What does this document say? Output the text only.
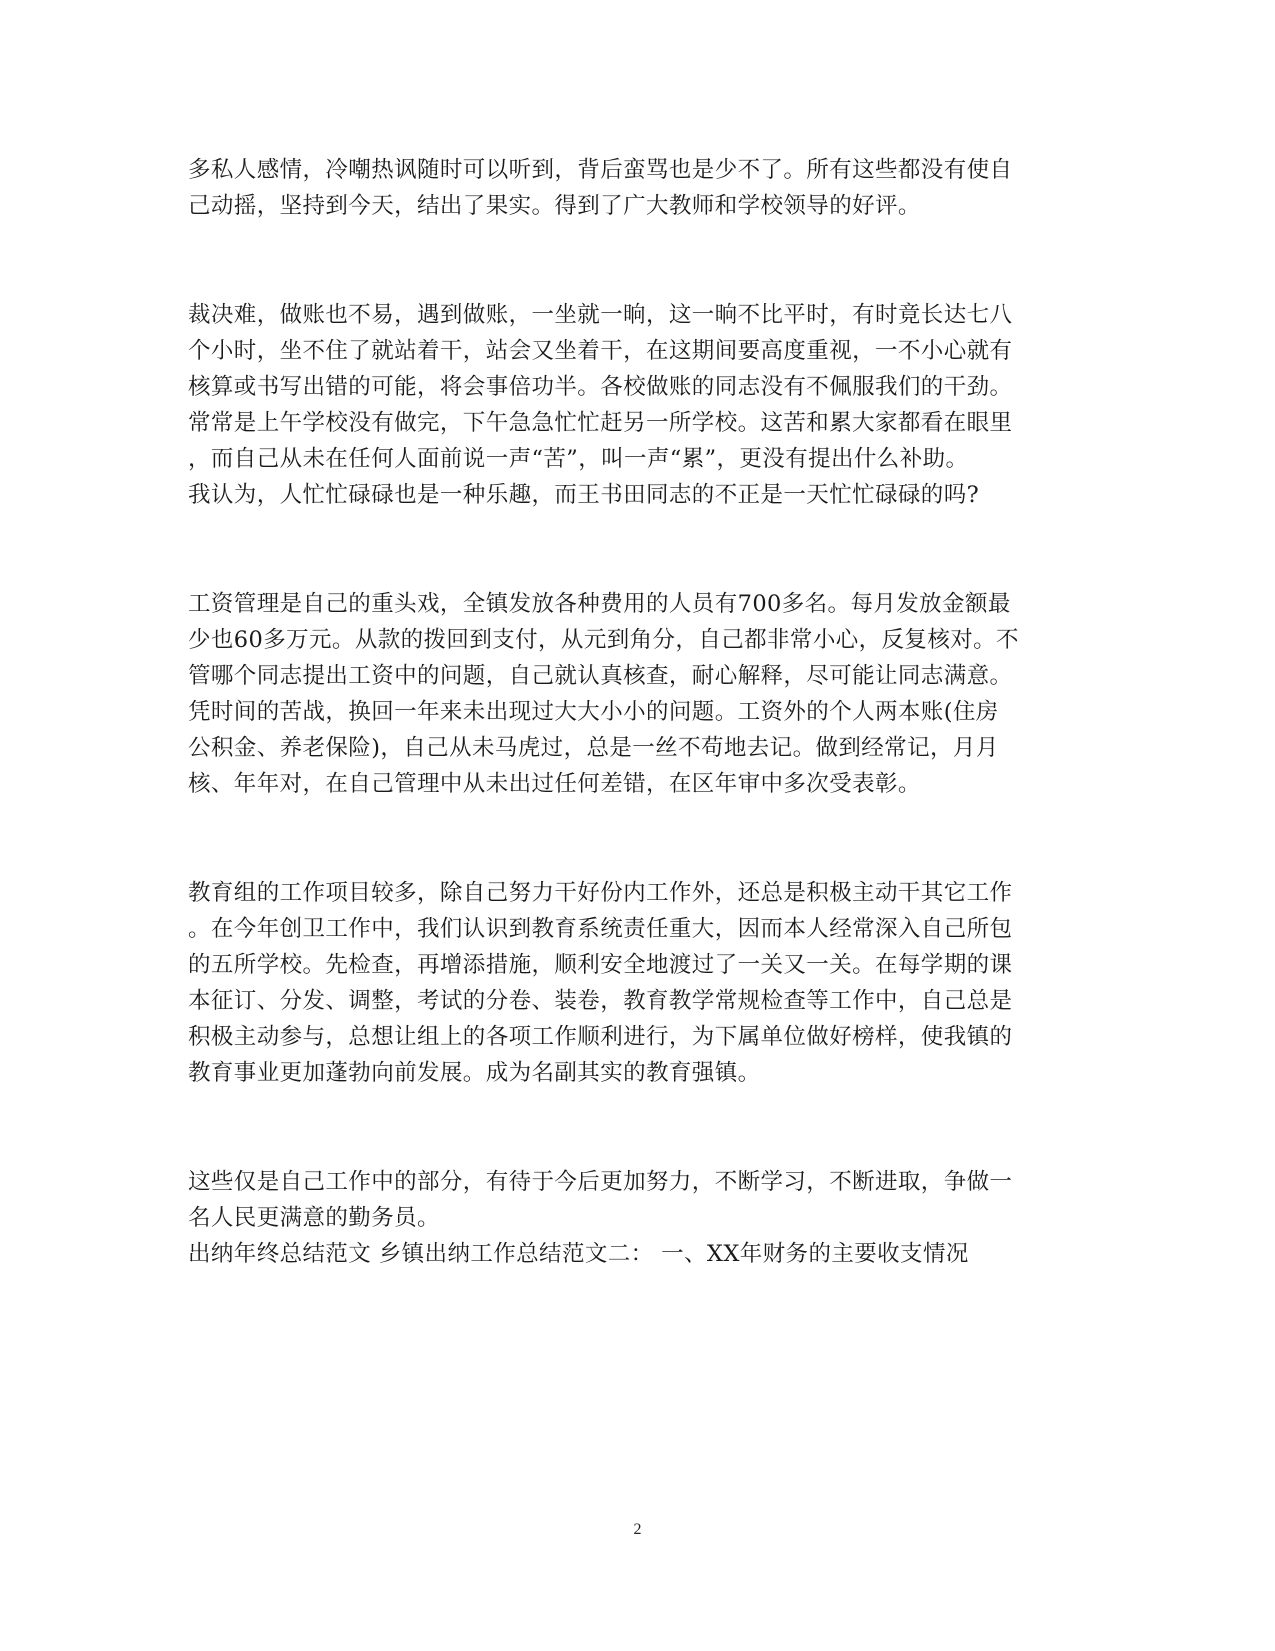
多私人感情，冷嘲热讽随时可以听到，背后蛮骂也是少不了。所有这些都没有使自
己动摇，坚持到今天，结出了果实。得到了广大教师和学校领导的好评。
裁决难，做账也不易，遇到做账，一坐就一晌，这一晌不比平时，有时竟长达七八
个小时，坐不住了就站着干，站会又坐着干，在这期间要高度重视，一不小心就有
核算或书写出错的可能，将会事倍功半。各校做账的同志没有不佩服我们的干劲。
常常是上午学校没有做完，下午急急忙忙赶另一所学校。这苦和累大家都看在眼里
，而自己从未在任何人面前说一声“苦”，叫一声“累”，更没有提出什么补助。
我认为，人忙忙碌碌也是一种乐趣，而王书田同志的不正是一天忙忙碌碌的吗?
工资管理是自己的重头戏，全镇发放各种费用的人员有700多名。每月发放金额最
少也60多万元。从款的拨回到支付，从元到角分，自己都非常小心，反复核对。不
管哪个同志提出工资中的问题，自己就认真核查，耐心解释，尽可能让同志满意。
凭时间的苦战，换回一年来未出现过大大小小的问题。工资外的个人两本账(住房
公积金、养老保险)，自己从未马虎过，总是一丝不苟地去记。做到经常记，月月
核、年年对，在自己管理中从未出过任何差错，在区年审中多次受表彰。
教育组的工作项目较多，除自己努力干好份内工作外，还总是积极主动干其它工作
。在今年创卫工作中，我们认识到教育系统责任重大，因而本人经常深入自己所包
的五所学校。先检查，再增添措施，顺利安全地渡过了一关又一关。在每学期的课
本征订、分发、调整，考试的分卷、装卷，教育教学常规检查等工作中，自己总是
积极主动参与，总想让组上的各项工作顺利进行，为下属单位做好榜样，使我镇的
教育事业更加蓬勃向前发展。成为名副其实的教育强镇。
这些仅是自己工作中的部分，有待于今后更加努力，不断学习，不断进取，争做一
名人民更满意的勤务员。
出纳年终总结范文 乡镇出纳工作总结范文二： 一、XX年财务的主要收支情况
2
